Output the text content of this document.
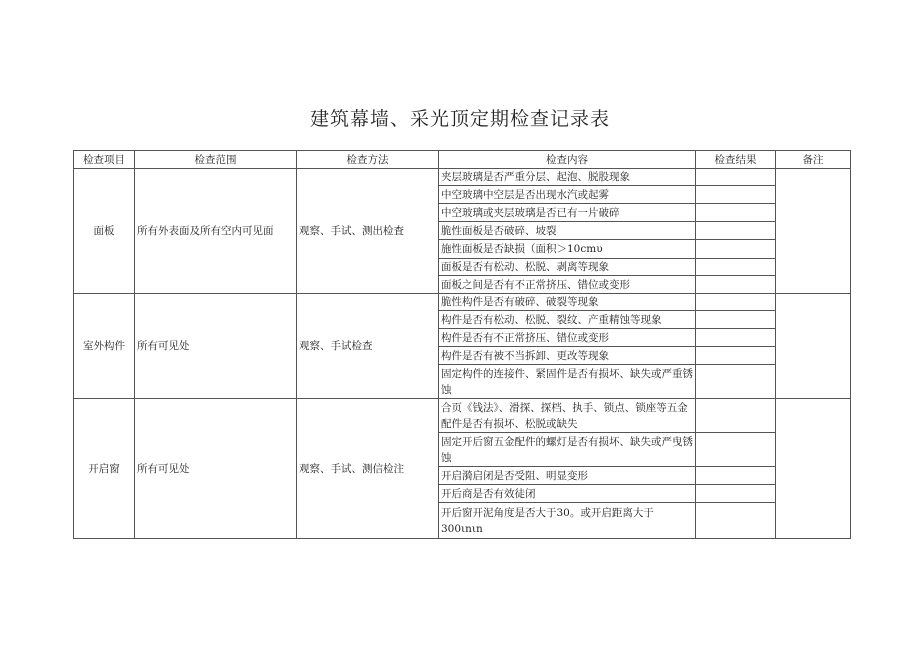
建筑幕墙、采光顶定期检查记录表
检查项目	检查范围	检查方法	检查内容	检查结果	备注
面板	所有外表面及所有空内可见面	观察、手试、测出检査	夹层玻璃是否严重分层、起泡、脱股现象		
			中空玻璃中空层是否出现水汽或起雾		
			中空玻璃或夹层玻璃是否已有一片破碎		
			脆性面板是否破碎、坡裂		
			施性面板是否缺损（面积＞10cmυ		
			面板是否有松动、松脱、剥离等现象		
			面板之间是否有不正常挤压、错位或变形		
室外构件	所有可见处	观察、手试检查	脆性构件是否有破碎、破裂等现象		
			构件是否有松动、松脱、裂纹、产重精蚀等现象		
			构件是否有不正常挤压、错位或变形		
			构件是否有被不当拆卸、更改等现象		
			固定构件的连接件、紧固件是否有损坏、缺失或严重锈蚀		
开启窗	所有可见处	观察、手试、测信检注	合页《钱法》、滑探、探档、执手、锁点、锁座等五金配件是否有损坏、松脱或缺失		
			固定开后窗五金配件的螺灯是否有损坏、缺失或严曳锈蚀		
			开启漪启闭是否受阻、明显变形		
			开后商是否有效徒闭		
			开后窗开泥角度是否大于30。或开启距离大于300ιnιn		
